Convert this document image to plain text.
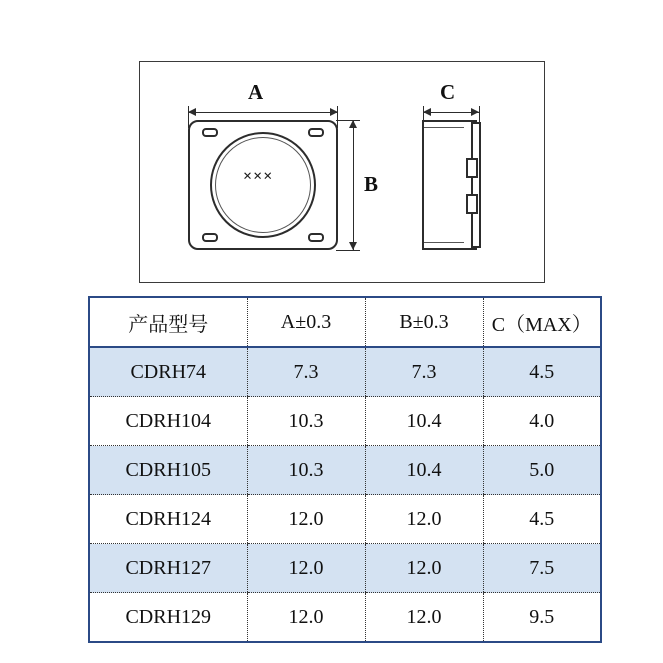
A
×××	B
C
产品型号	A±0.3	B±0.3	C（MAX）
CDRH74	7.3	7.3	4.5
CDRH104	10.3	10.4	4.0
CDRH105	10.3	10.4	5.0
CDRH124	12.0	12.0	4.5
CDRH127	12.0	12.0	7.5
CDRH129	12.0	12.0	9.5
